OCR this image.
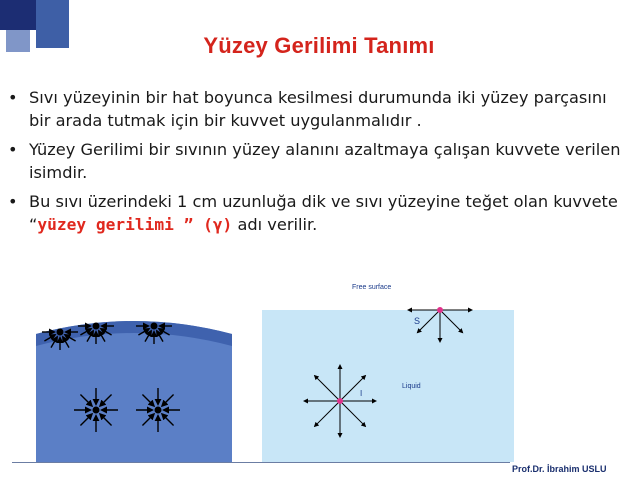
Yüzey Gerilimi Tanımı
• Sıvı yüzeyinin bir hat boyunca kesilmesi durumunda iki yüzey parçasını bir arada tutmak için bir kuvvet uygulanmalıdır .
• Yüzey Gerilimi bir sıvının yüzey alanını azaltmaya çalışan kuvvete verilen isimdir.
• Bu sıvı üzerindeki 1 cm uzunluğa dik ve sıvı yüzeyine teğet olan kuvvete “yüzey gerilimi ” (γ) adı verilir.
Free surface
S
Liquid
I
Prof.Dr. İbrahim USLU
